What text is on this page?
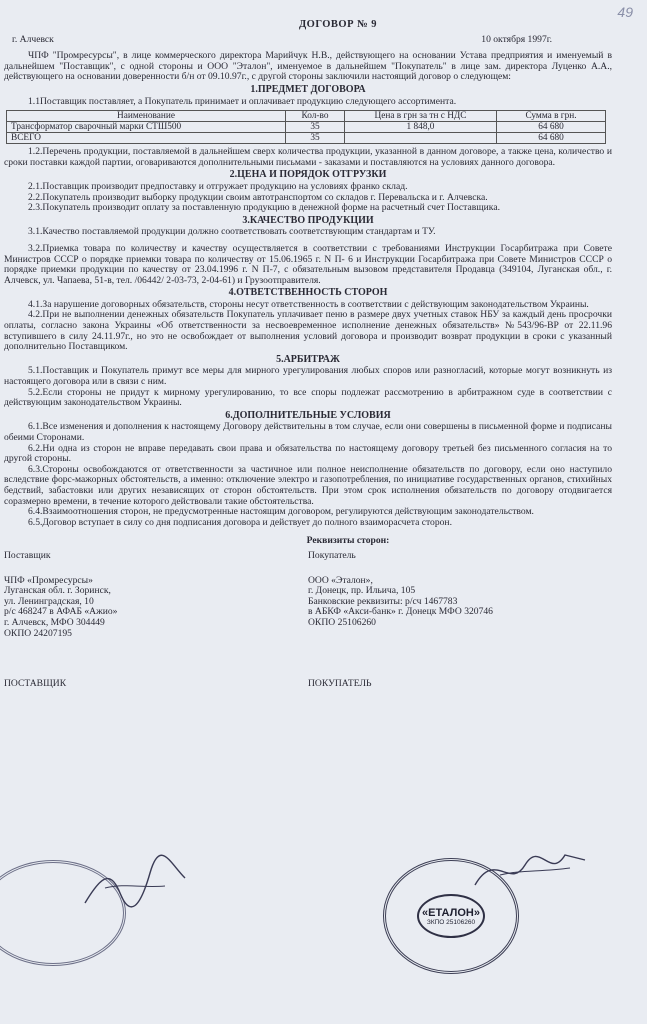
49
ДОГОВОР № 9
г. Алчевск	10 октября 1997г.

ЧПФ "Промресурсы", в лице коммерческого директора Марийчук Н.В., действующего на основании Устава предприятия и именуемый в дальнейшем "Поставщик", с одной стороны и ООО "Эталон", именуемое в дальнейшем "Покупатель" в лице зам. директора Луценко А.А., действующего на основании доверенности б/н от 09.10.97г., с другой стороны заключили настоящий договор о следующем:

1.ПРЕДМЕТ ДОГОВОРА

1.1Поставщик поставляет, а Покупатель принимает и оплачивает продукцию следующего ассортимента.

Наименование	Кол-во	Цена в грн за тн с НДС	Сумма в грн.
Трансформатор сварочный марки СТШ500	35	1 848,0	64 680
ВСЕГО	35		64 680

1.2.Перечень продукции, поставляемой в дальнейшем сверх количества продукции, указанной в данном договоре, а также цена, количество и сроки поставки каждой партии, оговариваются дополнительными письмами - заказами и поставляются на условиях данного договора.

2.ЦЕНА И ПОРЯДОК ОТГРУЗКИ

2.1.Поставщик производит предпоставку и отгружает продукцию на условиях франко склад.

2.2.Покупатель производит выборку продукции своим автотранспортом со складов г. Перевальска и г. Алчевска.

2.3.Покупатель производит оплату за поставленную продукцию в денежной форме на расчетный счет Поставщика.

3.КАЧЕСТВО ПРОДУКЦИИ

3.1.Качество поставляемой продукции должно соответствовать соответствующим стандартам и ТУ.

3.2.Приемка товара по количеству и качеству осуществляется в соответствии с требованиями Инструкции Госарбитража при Совете Министров СССР о порядке приемки товара по количеству от 15.06.1965 г. N П- 6 и Инструкции Госарбитража при Совете Министров СССР о порядке приемки продукции по качеству от 23.04.1996 г. N П-7, с обязательным вызовом представителя Продавца (349104, Луганская обл., г. Алчевск, ул. Чапаева, 51-в, тел. /06442/ 2-03-73, 2-04-61) и Грузоотправителя.

4.ОТВЕТСТВЕННОСТЬ СТОРОН

4.1.За нарушение договорных обязательств, стороны несут ответственность в соответствии с действующим законодательством Украины.

4.2.При не выполнении денежных обязательств Покупатель уплачивает пеню в размере двух учетных ставок НБУ за каждый день просрочки оплаты, согласно закона Украины «Об ответственности за несвоевременное исполнение денежных обязательств» №543/96-ВР от 22.11.96 вступившего в силу 24.11.97г., но это не освобождает от выполнения условий договора и производит возврат продукции в сроки с указанный дополнительно Поставщиком.

5.АРБИТРАЖ

5.1.Поставщик и Покупатель примут все меры для мирного урегулирования любых споров или разногласий, которые могут возникнуть из настоящего договора или в связи с ним.

5.2.Если стороны не придут к мирному урегулированию, то все споры подлежат рассмотрению в арбитражном суде в соответствии с действующим законодательством Украины.

6.ДОПОЛНИТЕЛЬНЫЕ УСЛОВИЯ

6.1.Все изменения и дополнения к настоящему Договору действительны в том случае, если они совершены в письменной форме и подписаны обеими Сторонами.

6.2.Ни одна из сторон не вправе передавать свои права и обязательства по настоящему договору третьей без письменного согласия на то другой стороны.

6.3.Стороны освобождаются от ответственности за частичное или полное неисполнение обязательств по договору, если оно наступило вследствие форс-мажорных обстоятельств, а именно: отключение электро и газопотребления, по инициативе государственных органов, стихийных бедствий, забастовки или других независящих от сторон обстоятельств. При этом срок исполнения обязательств по договору отодвигается соразмерно времени, в течение которого действовали такие обстоятельства.

6.4.Взаимоотношения сторон, не предусмотренные настоящим договором, регулируются действующим законодательством.

6.5.Договор вступает в силу со дня подписания договора и действует до полного взаиморасчета сторон.

Реквизиты сторон:
Поставщик
ЧПФ «Промресурсы»
Луганская обл. г. Зоринск,
ул. Ленинградская, 10
р/с 468247 в АФАБ «Ажио»
г. Алчевск, МФО 304449
ОКПО 24207195
ПОСТАВЩИК
Покупатель
ООО «Эталон»,
г. Донецк, пр. Ильича, 105
Банковские реквизиты: р/сч 1467783
в АБКФ «Акси-банк» г. Донецк МФО 320746
ОКПО 25106260
ПОКУПАТЕЛЬ
«ЕТАЛОН»
ЗКПО 25106260
